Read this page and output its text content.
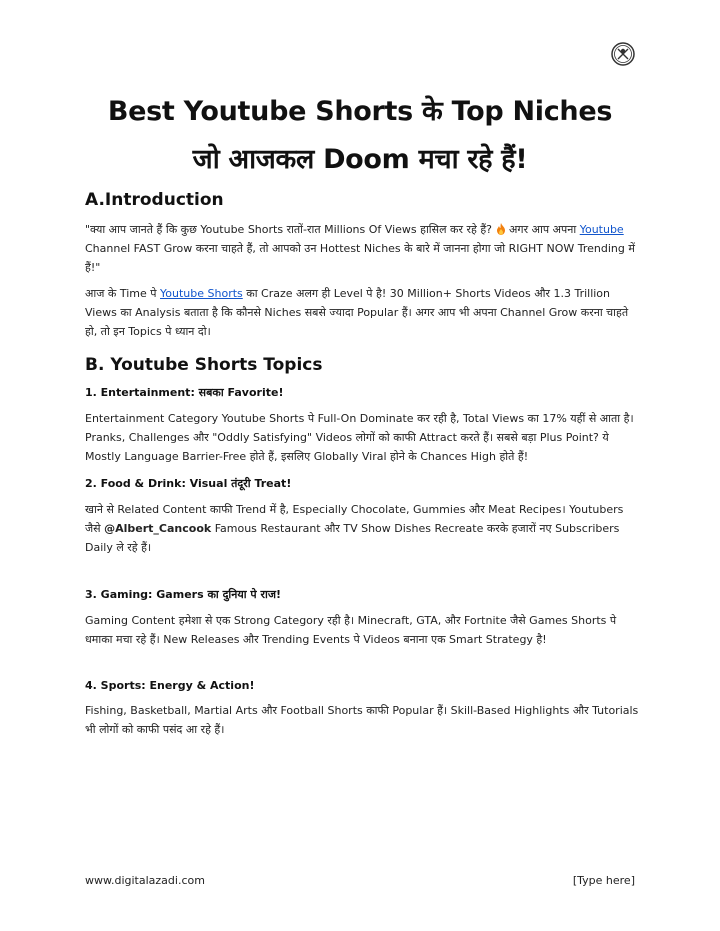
Best Youtube Shorts के Top Niches
जो आजकल Doom मचा रहे हैं!
A.Introduction

"क्या आप जानते हैं कि कुछ Youtube Shorts रातों-रात Millions Of Views हासिल कर रहे हैं? अगर आप अपना Youtube Channel FAST Grow करना चाहते हैं, तो आपको उन Hottest Niches के बारे में जानना होगा जो RIGHT NOW Trending में हैं!"

आज के Time पे Youtube Shorts का Craze अलग ही Level पे है! 30 Million+ Shorts Videos और 1.3 Trillion Views का Analysis बताता है कि कौनसे Niches सबसे ज्यादा Popular हैं। अगर आप भी अपना Channel Grow करना चाहते हो, तो इन Topics पे ध्यान दो।

B. Youtube Shorts Topics
1. Entertainment: सबका Favorite!

Entertainment Category Youtube Shorts पे Full-On Dominate कर रही है, Total Views का 17% यहीं से आता है। Pranks, Challenges और "Oddly Satisfying" Videos लोगों को काफी Attract करते हैं। सबसे बड़ा Plus Point? ये Mostly Language Barrier-Free होते हैं, इसलिए Globally Viral होने के Chances High होते हैं!

2. Food & Drink: Visual तंदूरी Treat!

खाने से Related Content काफी Trend में है, Especially Chocolate, Gummies और Meat Recipes। Youtubers जैसे @Albert_Cancook Famous Restaurant और TV Show Dishes Recreate करके हजारों नए Subscribers Daily ले रहे हैं।

3. Gaming: Gamers का दुनिया पे राज!

Gaming Content हमेशा से एक Strong Category रही है। Minecraft, GTA, और Fortnite जैसे Games Shorts पे धमाका मचा रहे हैं। New Releases और Trending Events पे Videos बनाना एक Smart Strategy है!

4. Sports: Energy & Action!

Fishing, Basketball, Martial Arts और Football Shorts काफी Popular हैं। Skill-Based Highlights और Tutorials भी लोगों को काफी पसंद आ रहे हैं।

www.digitalazadi.com	[Type here]
